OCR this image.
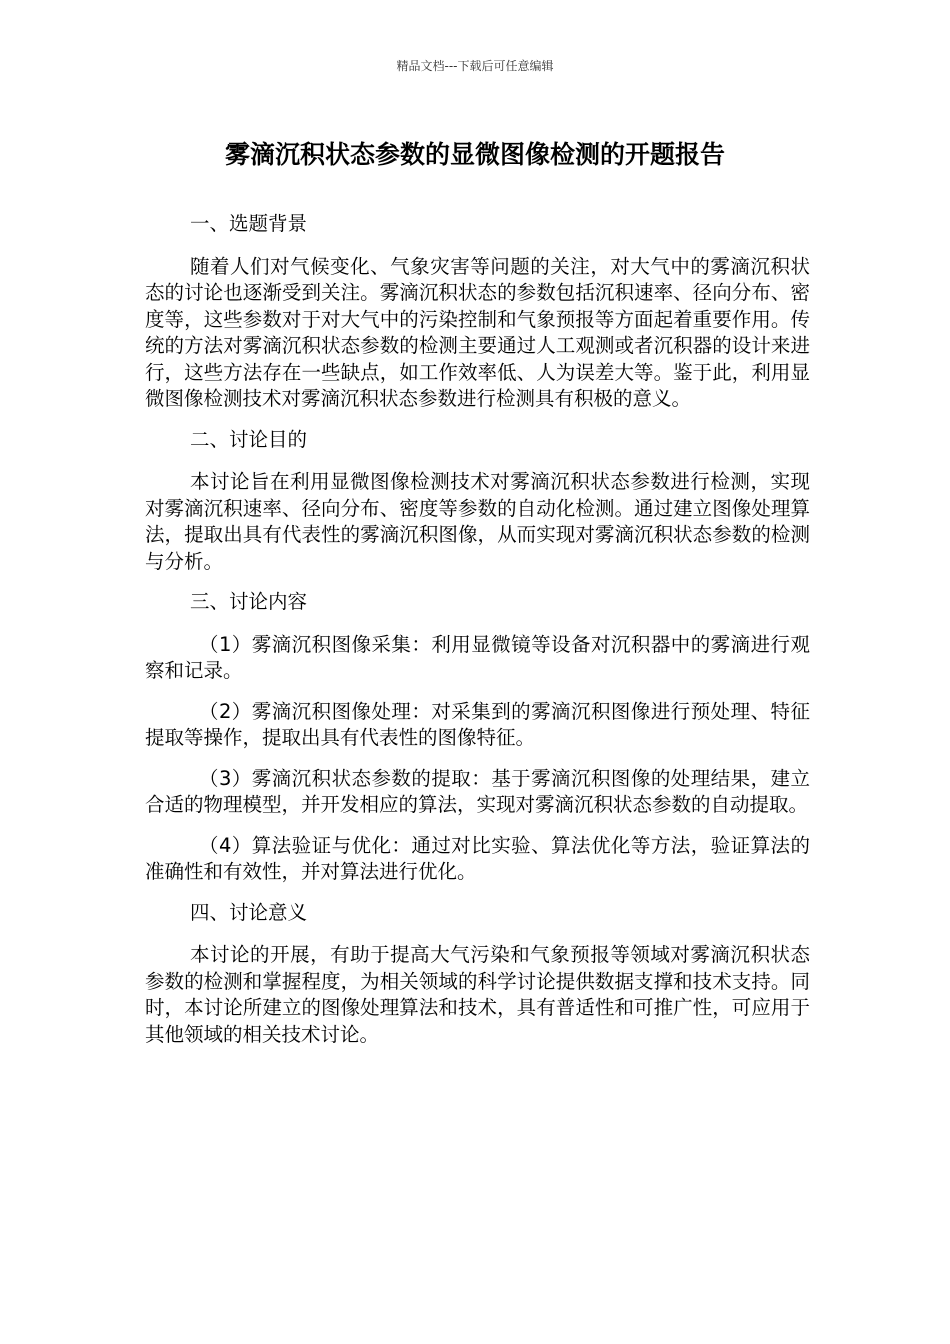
精品文档---下载后可任意编辑
雾滴沉积状态参数的显微图像检测的开题报告

一、选题背景

随着人们对气候变化、气象灾害等问题的关注，对大气中的雾滴沉积状态的讨论也逐渐受到关注。雾滴沉积状态的参数包括沉积速率、径向分布、密度等，这些参数对于对大气中的污染控制和气象预报等方面起着重要作用。传统的方法对雾滴沉积状态参数的检测主要通过人工观测或者沉积器的设计来进行，这些方法存在一些缺点，如工作效率低、人为误差大等。鉴于此，利用显微图像检测技术对雾滴沉积状态参数进行检测具有积极的意义。

二、讨论目的

本讨论旨在利用显微图像检测技术对雾滴沉积状态参数进行检测，实现对雾滴沉积速率、径向分布、密度等参数的自动化检测。通过建立图像处理算法，提取出具有代表性的雾滴沉积图像，从而实现对雾滴沉积状态参数的检测与分析。

三、讨论内容

（1）雾滴沉积图像采集：利用显微镜等设备对沉积器中的雾滴进行观察和记录。

（2）雾滴沉积图像处理：对采集到的雾滴沉积图像进行预处理、特征提取等操作，提取出具有代表性的图像特征。

（3）雾滴沉积状态参数的提取：基于雾滴沉积图像的处理结果，建立合适的物理模型，并开发相应的算法，实现对雾滴沉积状态参数的自动提取。

（4）算法验证与优化：通过对比实验、算法优化等方法，验证算法的准确性和有效性，并对算法进行优化。

四、讨论意义

本讨论的开展，有助于提高大气污染和气象预报等领域对雾滴沉积状态参数的检测和掌握程度，为相关领域的科学讨论提供数据支撑和技术支持。同时，本讨论所建立的图像处理算法和技术，具有普适性和可推广性，可应用于其他领域的相关技术讨论。
